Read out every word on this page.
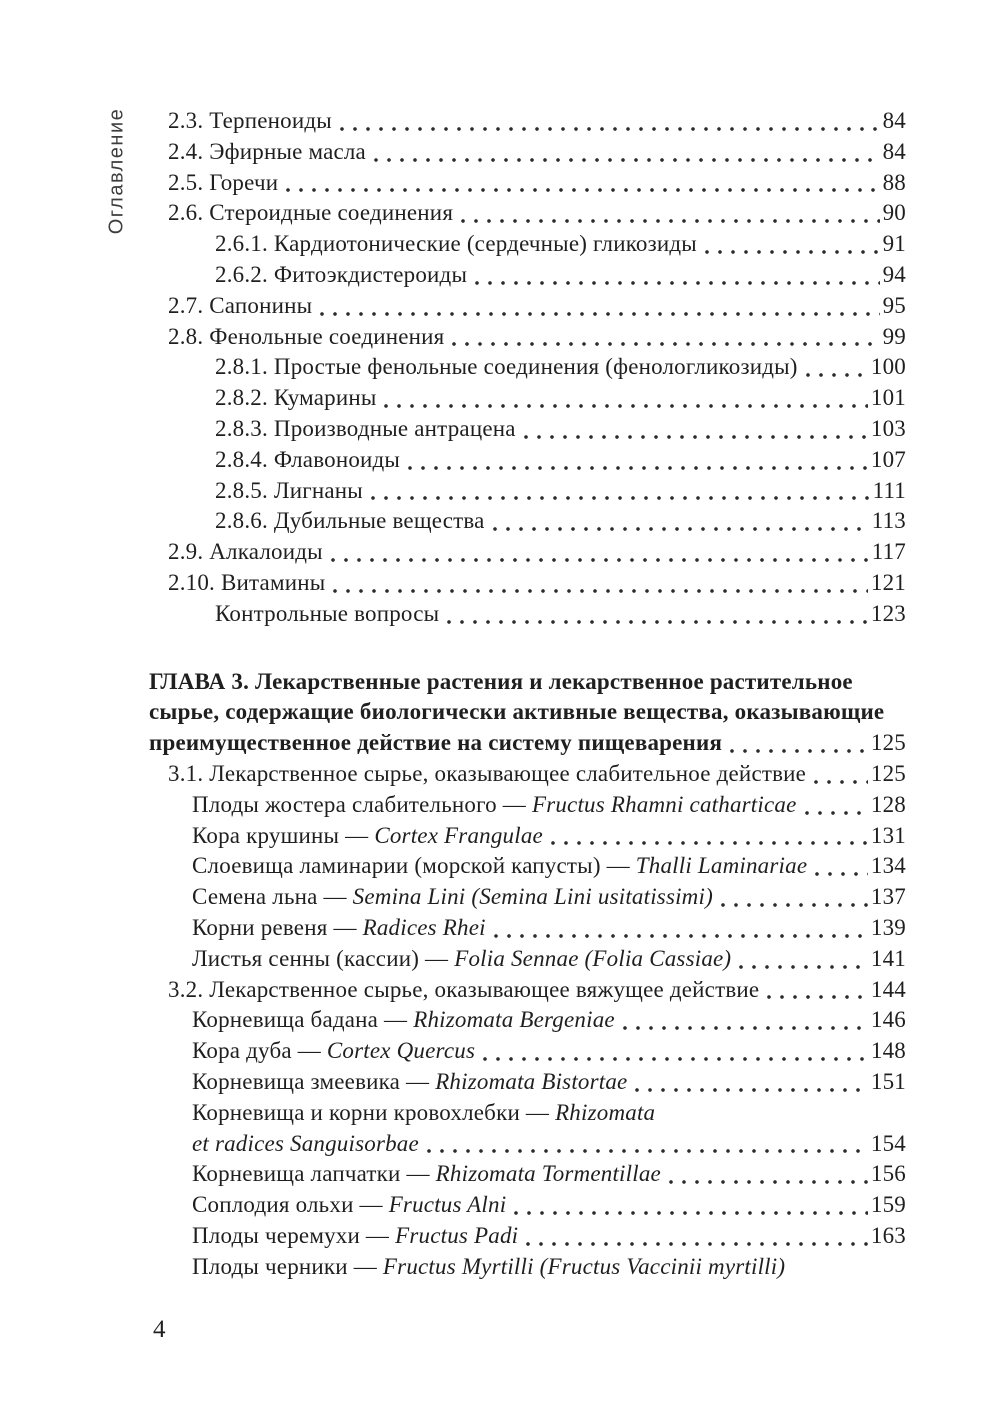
Оглавление 2.3. Терпеноиды	84
2.4. Эфирные масла	84
2.5. Горечи	88
2.6. Стероидные соединения	90
2.6.1. Кардиотонические (сердечные) гликозиды	91
2.6.2. Фитоэкдистероиды	94
2.7. Сапонины	95
2.8. Фенольные соединения	99
2.8.1. Простые фенольные соединения (фенологликозиды)	100
2.8.2. Кумарины	101
2.8.3. Производные антрацена	103
2.8.4. Флавоноиды	107
2.8.5. Лигнаны	111
2.8.6. Дубильные вещества	113
2.9. Алкалоиды	117
2.10. Витамины	121
Контрольные вопросы	123
ГЛАВА 3. Лекарственные растения и лекарственное растительное
сырье, содержащие биологически активные вещества, оказывающие
преимущественное действие на систему пищеварения	125
3.1. Лекарственное сырье, оказывающее слабительное действие	125
Плоды жостера слабительного — Fructus Rhamni catharticae	128
Кора крушины — Cortex Frangulae	131
Слоевища ламинарии (морской капусты) — Thalli Laminariae	134
Семена льна — Semina Lini (Semina Lini usitatissimi)	137
Корни ревеня — Radices Rhei	139
Листья сенны (кассии) — Folia Sennae (Folia Cassiae)	141
3.2. Лекарственное сырье, оказывающее вяжущее действие	144
Корневища бадана — Rhizomata Bergeniae	146
Кора дуба — Cortex Quercus	148
Корневища змеевика — Rhizomata Bistortae	151
Корневища и корни кровохлебки — Rhizomata
et radices Sanguisorbae	154
Корневища лапчатки — Rhizomata Tormentillae	156
Соплодия ольхи — Fructus Alni	159
Плоды черемухи — Fructus Padi	163
Плоды черники — Fructus Myrtilli (Fructus Vaccinii myrtilli)
4
